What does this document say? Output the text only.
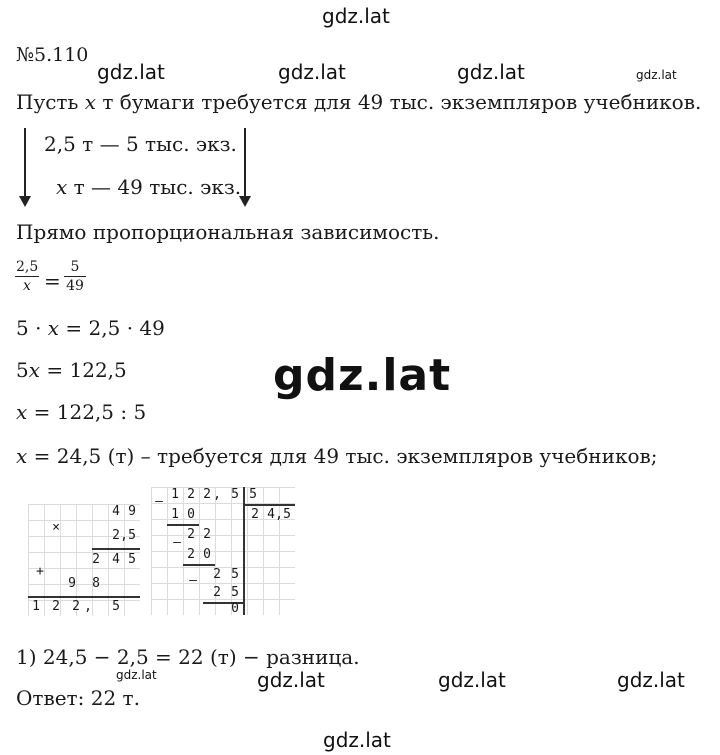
gdz.lat
gdz.lat	gdz.lat	gdz.lat	gdz.lat
gdz.lat
gdz.lat	gdz.lat	gdz.lat	gdz.lat
gdz.lat
№5.110
Пусть x т бумаги требуется для 49 тыс. экземпляров учебников.
2,5 т — 5 тыс. экз.
x т — 49 тыс. экз.
Прямо пропорциональная зависимость.
$\frac{2,5}{x} = \frac{5}{49}$
5 · x = 2,5 · 49
5x = 122,5
x = 122,5 : 5
x = 24,5 (т) – требуется для 49 тыс. экземпляров учебников;
×
4 9
2 , 5
+
2 4 5
9	8
1 2 2 ,	5
– 1 2 2 , 5 5
2 4 , 5
1 0
–
2 2
2 0
–	2 5
2 5
0
1) 24,5 − 2,5 = 22 (т) − разница.
Ответ: 22 т.
